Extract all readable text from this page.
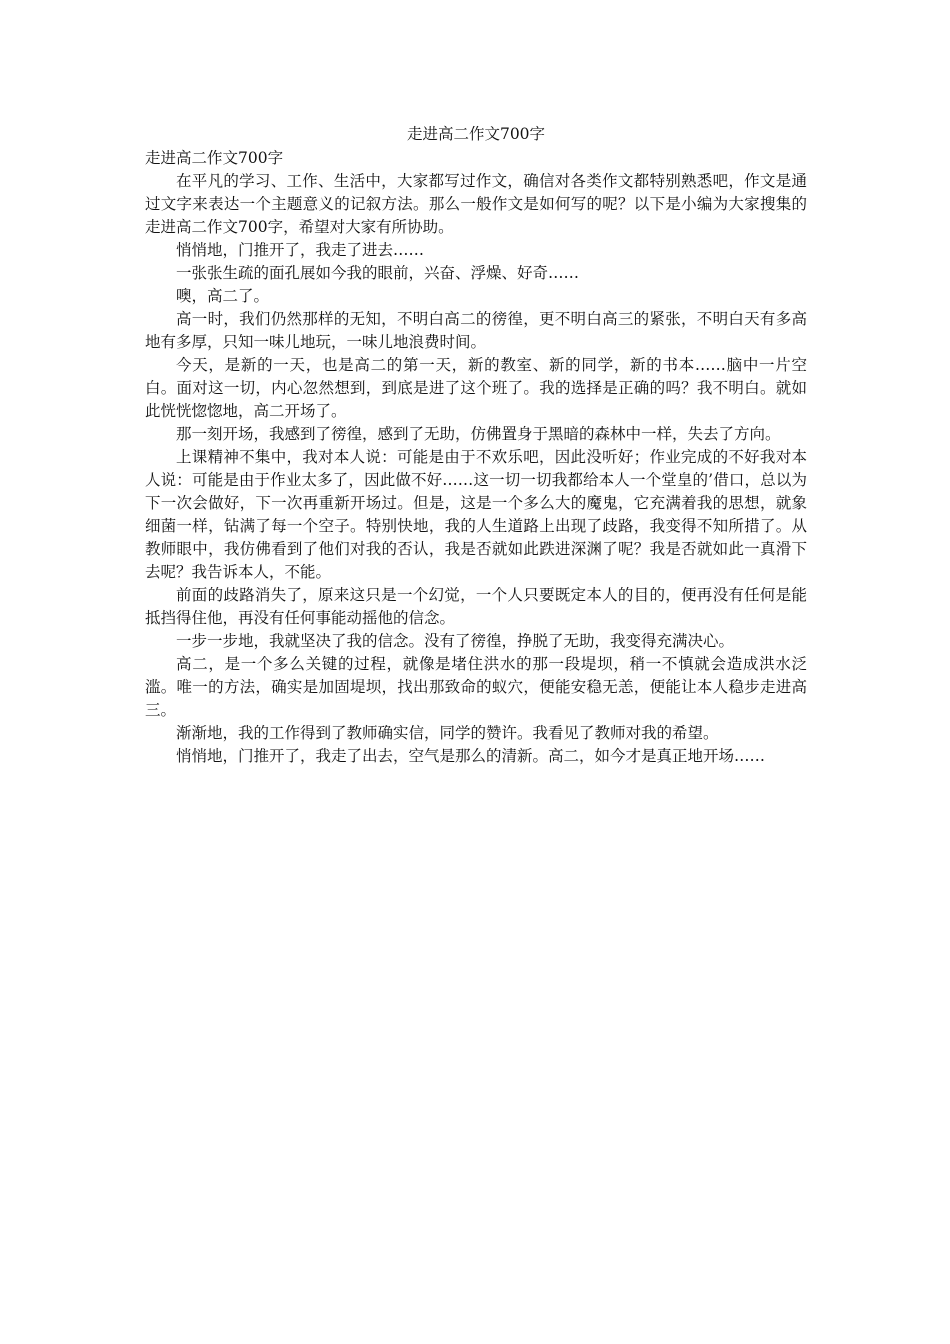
走进高二作文700字

走进高二作文700字

在平凡的学习、工作、生活中，大家都写过作文，确信对各类作文都特别熟悉吧，作文是通过文字来表达一个主题意义的记叙方法。那么一般作文是如何写的呢？以下是小编为大家搜集的走进高二作文700字，希望对大家有所协助。

悄悄地，门推开了，我走了进去……

一张张生疏的面孔展如今我的眼前，兴奋、浮燥、好奇……

噢，高二了。

高一时，我们仍然那样的无知，不明白高二的徬徨，更不明白高三的紧张，不明白天有多高地有多厚，只知一味儿地玩，一味儿地浪费时间。

今天，是新的一天，也是高二的第一天，新的教室、新的同学，新的书本……脑中一片空白。面对这一切，内心忽然想到，到底是进了这个班了。我的选择是正确的吗？我不明白。就如此恍恍惚惚地，高二开场了。

那一刻开场，我感到了徬徨，感到了无助，仿佛置身于黑暗的森林中一样，失去了方向。

上课精神不集中，我对本人说：可能是由于不欢乐吧，因此没听好；作业完成的不好我对本人说：可能是由于作业太多了，因此做不好……这一切一切我都给本人一个堂皇的’借口，总以为下一次会做好，下一次再重新开场过。但是，这是一个多么大的魔鬼，它充满着我的思想，就象细菌一样，钻满了每一个空子。特别快地，我的人生道路上出现了歧路，我变得不知所措了。从教师眼中，我仿佛看到了他们对我的否认，我是否就如此跌进深渊了呢？我是否就如此一真滑下去呢？我告诉本人，不能。

前面的歧路消失了，原来这只是一个幻觉，一个人只要既定本人的目的，便再没有任何是能抵挡得住他，再没有任何事能动摇他的信念。

一步一步地，我就坚决了我的信念。没有了徬徨，挣脱了无助，我变得充满决心。

高二，是一个多么关键的过程，就像是堵住洪水的那一段堤坝，稍一不慎就会造成洪水泛滥。唯一的方法，确实是加固堤坝，找出那致命的蚁穴，便能安稳无恙，便能让本人稳步走进高三。

渐渐地，我的工作得到了教师确实信，同学的赞许。我看见了教师对我的希望。

悄悄地，门推开了，我走了出去，空气是那么的清新。高二，如今才是真正地开场……
